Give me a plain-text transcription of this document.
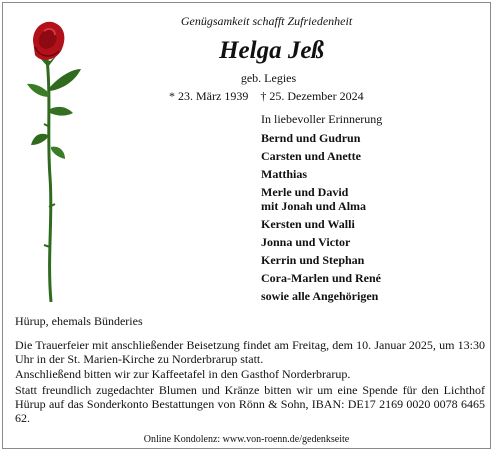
Genügsamkeit schafft Zufriedenheit
Helga Jeß
geb. Legies
* 23. März 1939 † 25. Dezember 2024
In liebevoller Erinnerung
Bernd und Gudrun
Carsten und Anette
Matthias
Merle und David
mit Jonah und Alma
Kersten und Walli
Jonna und Victor
Kerrin und Stephan
Cora-Marlen und René
sowie alle Angehörigen
Hürup, ehemals Bünderies

Die Trauerfeier mit anschließender Beisetzung findet am Freitag, dem 10. Januar 2025, um 13:30 Uhr in der St. Marien-Kirche zu Norderbrarup statt.

Anschließend bitten wir zur Kaffeetafel in den Gasthof Norderbrarup.

Statt freundlich zugedachter Blumen und Kränze bitten wir um eine Spende für den Lichthof Hürup auf das Sonderkonto Bestattungen von Rönn & Sohn, IBAN: DE17 2169 0020 0078 6465 62.

Online Kondolenz: www.von-roenn.de/gedenkseite
